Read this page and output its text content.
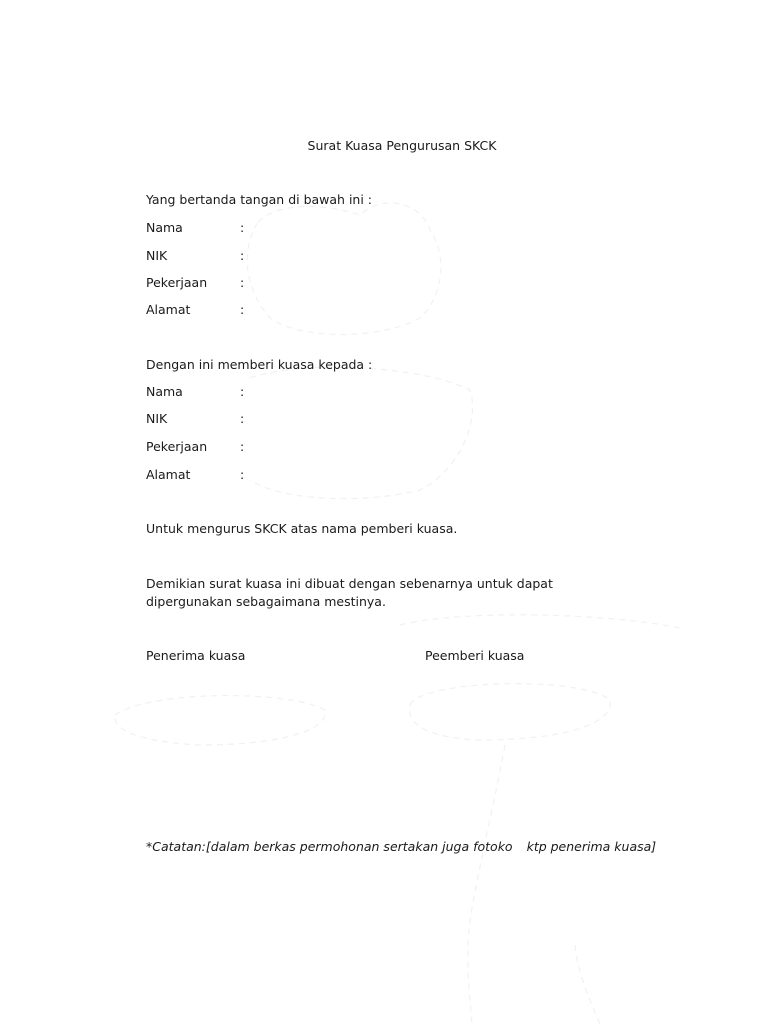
Surat Kuasa Pengurusan SKCK
Yang bertanda tangan di bawah ini :
Nama	:
NIK	:
Pekerjaan	:
Alamat	:
Dengan ini memberi kuasa kepada :
Nama	:
NIK	:
Pekerjaan	:
Alamat	:
Untuk mengurus SKCK atas nama pemberi kuasa.
Demikian surat kuasa ini dibuat dengan sebenarnya untuk dapat dipergunakan sebagaimana mestinya.
Penerima kuasa	Peemberi kuasa
*Catatan:[dalam berkas permohonan sertakan juga fotoko ktp penerima kuasa]
